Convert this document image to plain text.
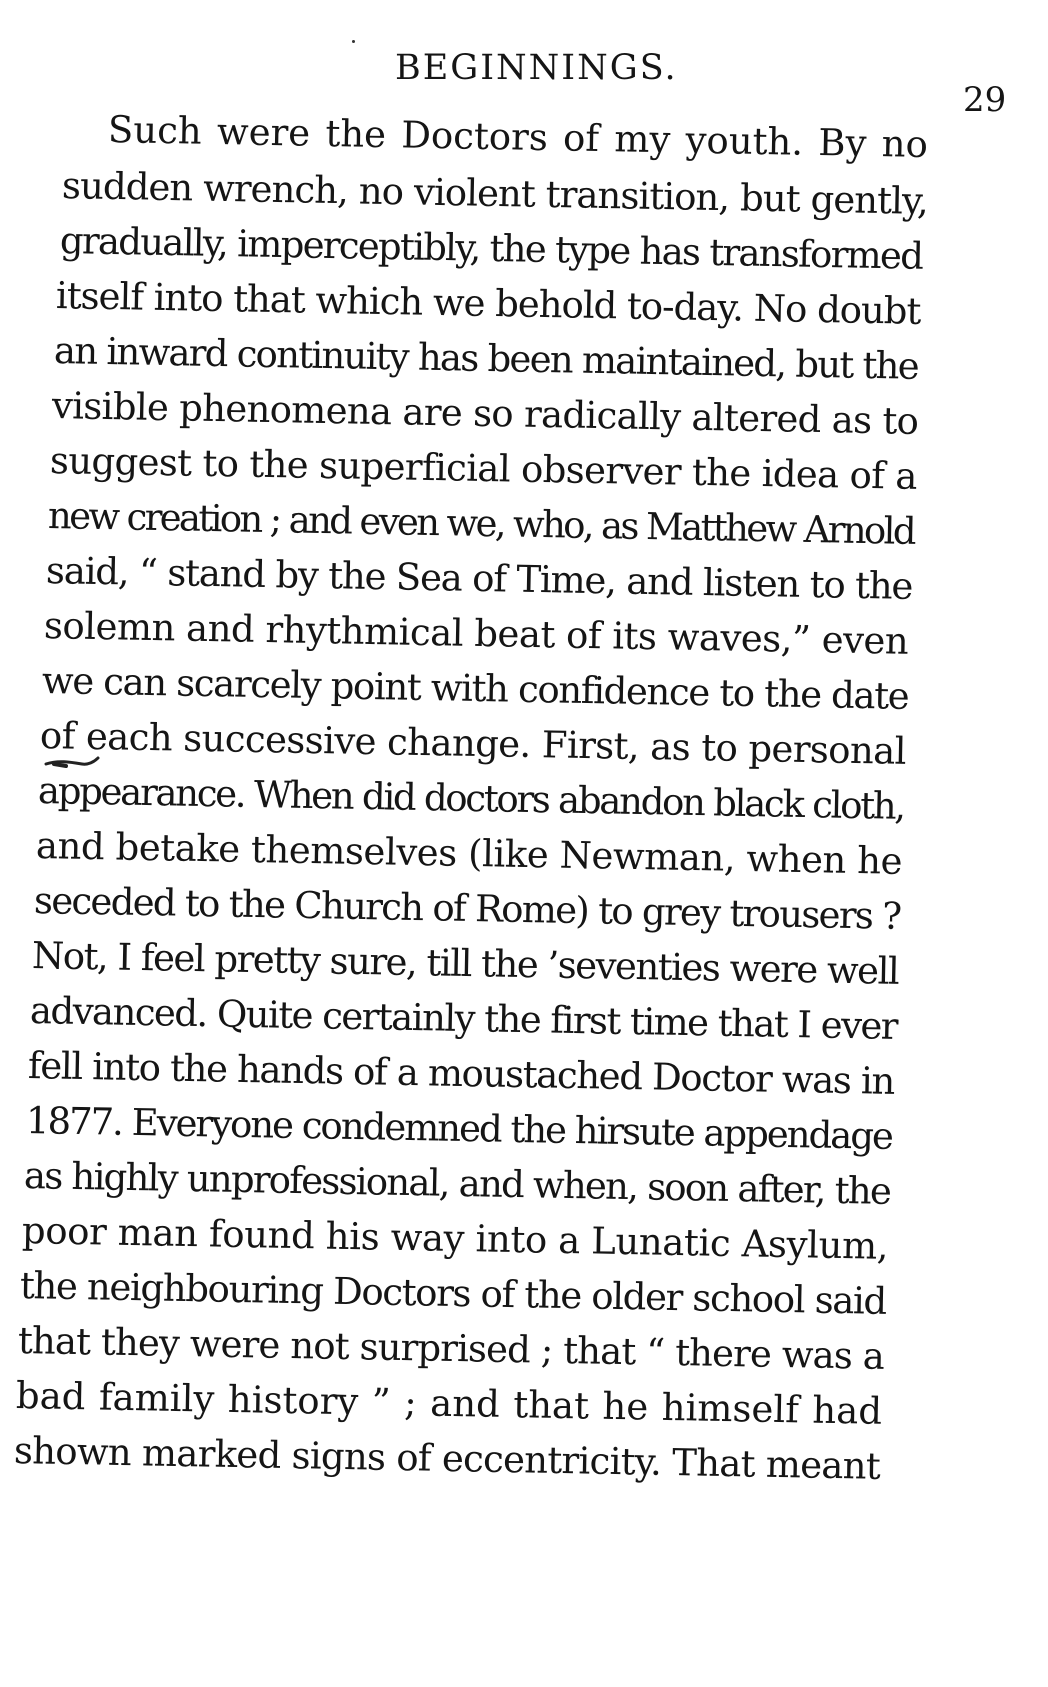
BEGINNINGS.
29
Such were the Doctors of my youth. By no
sudden wrench, no violent transition, but gently,
gradually, imperceptibly, the type has transformed
itself into that which we behold to-day. No doubt
an inward continuity has been maintained, but the
visible phenomena are so radically altered as to
suggest to the superficial observer the idea of a
new creation ; and even we, who, as Matthew Arnold
said, “ stand by the Sea of Time, and listen to the
solemn and rhythmical beat of its waves,” even
we can scarcely point with confidence to the date
of each successive change. First, as to personal
appearance. When did doctors abandon black cloth,
and betake themselves (like Newman, when he
seceded to the Church of Rome) to grey trousers ?
Not, I feel pretty sure, till the ’seventies were well
advanced. Quite certainly the first time that I ever
fell into the hands of a moustached Doctor was in
1877. Everyone condemned the hirsute appendage
as highly unprofessional, and when, soon after, the
poor man found his way into a Lunatic Asylum,
the neighbouring Doctors of the older school said
that they were not surprised ; that “ there was a
bad family history ” ; and that he himself had
shown marked signs of eccentricity. That meant
